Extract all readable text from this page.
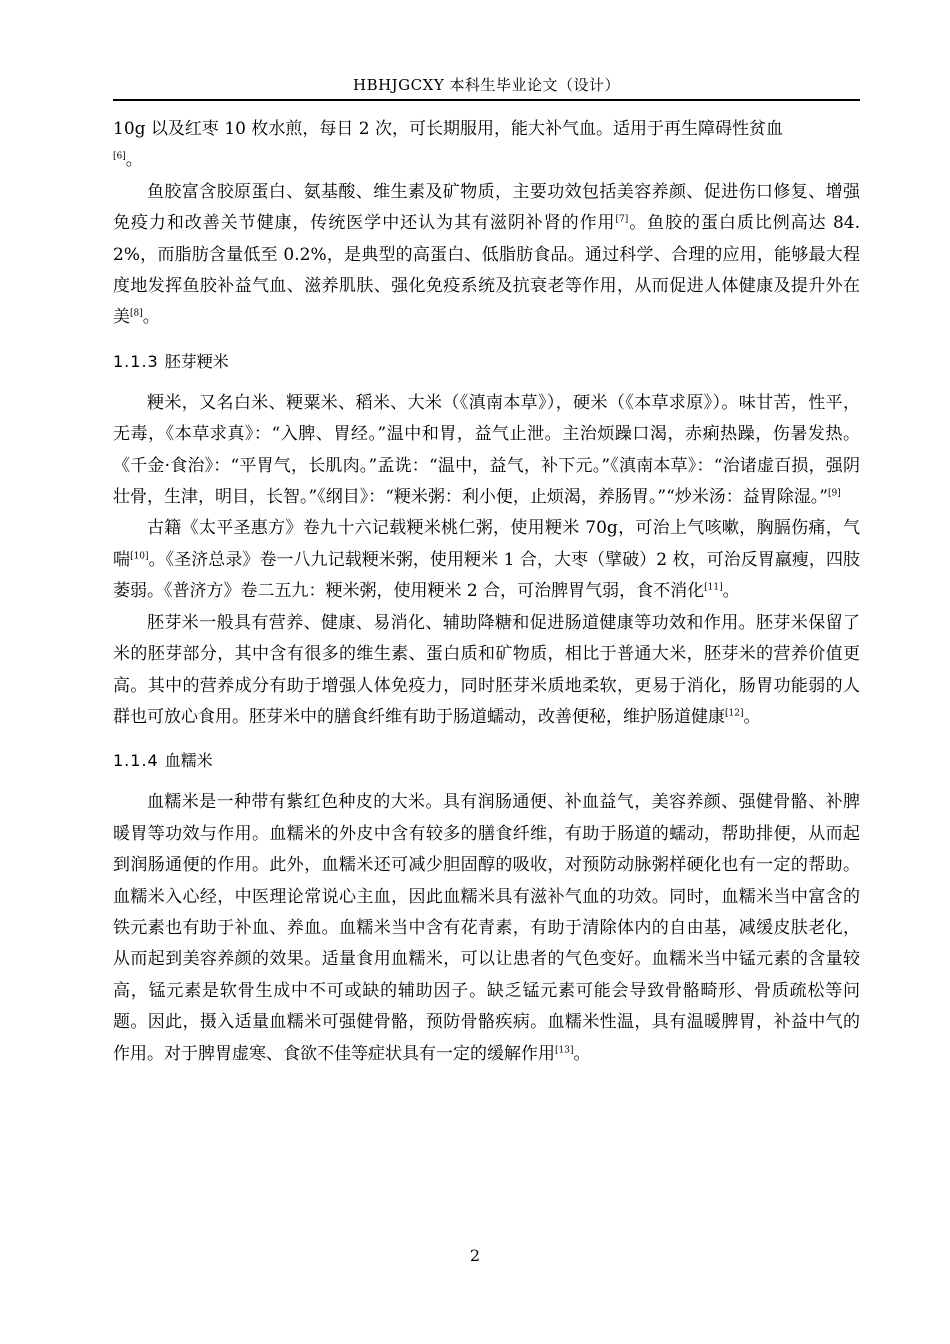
HBHJGCXY 本科生毕业论文（设计）

10g 以及红枣 10 枚水煎，每日 2 次，可长期服用，能大补气血。适用于再生障碍性贫血
[6]。

鱼胶富含胶原蛋白、氨基酸、维生素及矿物质，主要功效包括美容养颜、促进伤口修复、增强免疫力和改善关节健康，传统医学中还认为其有滋阴补肾的作用[7]。鱼胶的蛋白质比例高达 84.2%，而脂肪含量低至 0.2%，是典型的高蛋白、低脂肪食品。通过科学、合理的应用，能够最大程度地发挥鱼胶补益气血、滋养肌肤、强化免疫系统及抗衰老等作用，从而促进人体健康及提升外在美[8]。

1.1.3 胚芽粳米

粳米，又名白米、粳粟米、稻米、大米（《滇南本草》），硬米（《本草求原》）。味甘苦，性平，无毒，《本草求真》：“入脾、胃经。”温中和胃，益气止泄。主治烦躁口渴，赤痢热躁，伤暑发热。《千金·食治》：“平胃气，长肌肉。”孟诜：“温中，益气，补下元。”《滇南本草》：“治诸虚百损，强阴壮骨，生津，明目，长智。”《纲目》：“粳米粥：利小便，止烦渴，养肠胃。”“炒米汤：益胃除湿。”[9]

古籍《太平圣惠方》卷九十六记载粳米桃仁粥，使用粳米 70g，可治上气咳嗽，胸膈伤痛，气喘[10]。《圣济总录》卷一八九记载粳米粥，使用粳米 1 合，大枣（擘破）2 枚，可治反胃羸瘦，四肢萎弱。《普济方》卷二五九：粳米粥，使用粳米 2 合，可治脾胃气弱，食不消化[11]。

胚芽米一般具有营养、健康、易消化、辅助降糖和促进肠道健康等功效和作用。胚芽米保留了米的胚芽部分，其中含有很多的维生素、蛋白质和矿物质，相比于普通大米，胚芽米的营养价值更高。其中的营养成分有助于增强人体免疫力，同时胚芽米质地柔软，更易于消化，肠胃功能弱的人群也可放心食用。胚芽米中的膳食纤维有助于肠道蠕动，改善便秘，维护肠道健康[12]。

1.1.4 血糯米

血糯米是一种带有紫红色种皮的大米。具有润肠通便、补血益气，美容养颜、强健骨骼、补脾暖胃等功效与作用。血糯米的外皮中含有较多的膳食纤维，有助于肠道的蠕动，帮助排便，从而起到润肠通便的作用。此外，血糯米还可减少胆固醇的吸收，对预防动脉粥样硬化也有一定的帮助。血糯米入心经，中医理论常说心主血，因此血糯米具有滋补气血的功效。同时，血糯米当中富含的铁元素也有助于补血、养血。血糯米当中含有花青素，有助于清除体内的自由基，减缓皮肤老化，从而起到美容养颜的效果。适量食用血糯米，可以让患者的气色变好。血糯米当中锰元素的含量较高，锰元素是软骨生成中不可或缺的辅助因子。缺乏锰元素可能会导致骨骼畸形、骨质疏松等问题。因此，摄入适量血糯米可强健骨骼，预防骨骼疾病。血糯米性温，具有温暖脾胃，补益中气的作用。对于脾胃虚寒、食欲不佳等症状具有一定的缓解作用[13]。

2
